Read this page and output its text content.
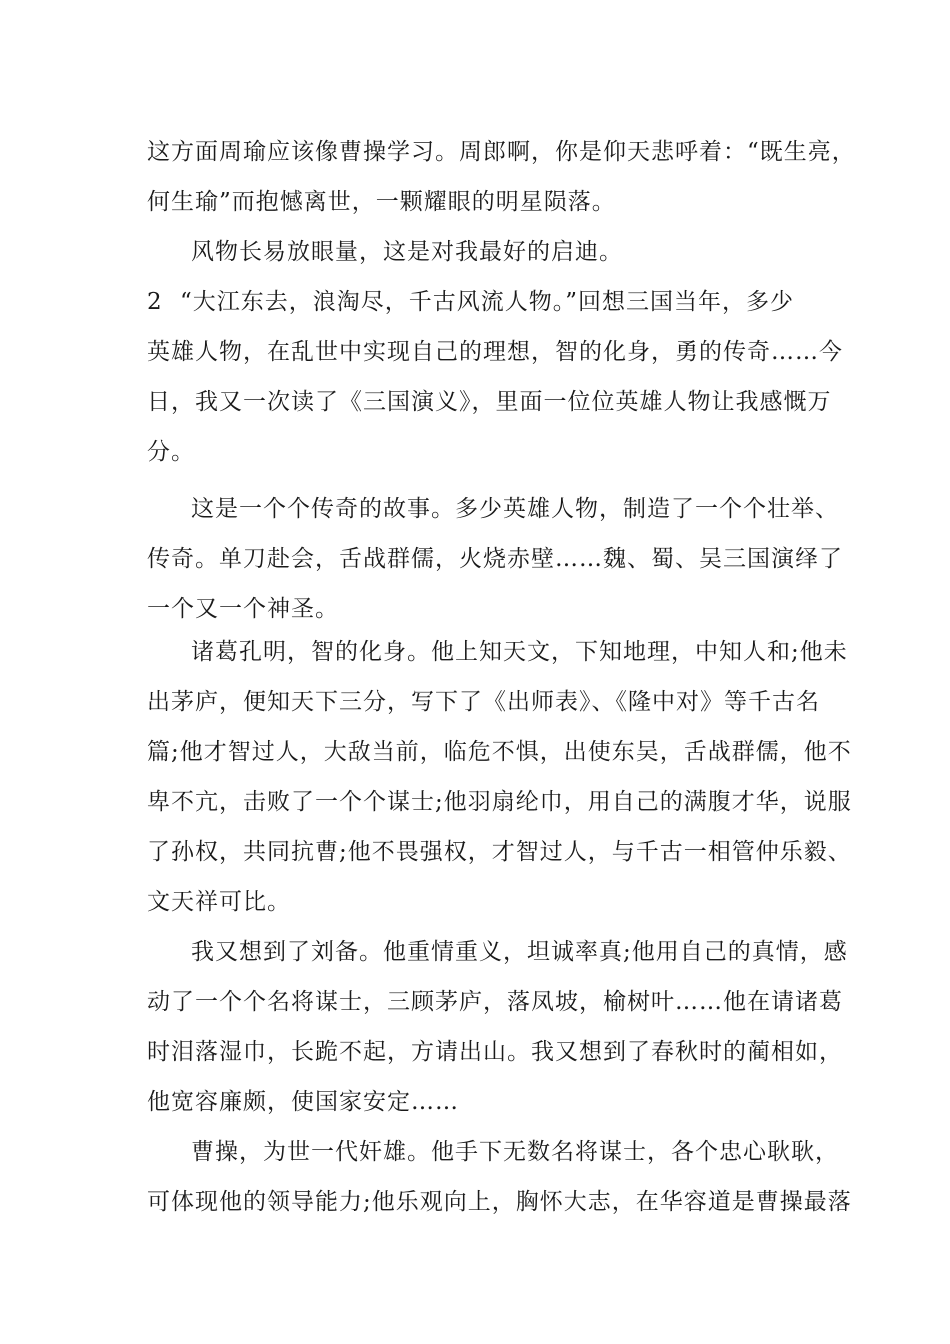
这方面周瑜应该像曹操学习。周郎啊，你是仰天悲呼着：“既生亮，
何生瑜”而抱憾离世，一颗耀眼的明星陨落。
风物长易放眼量，这是对我最好的启迪。
2 “大江东去，浪淘尽，千古风流人物。”回想三国当年，多少
英雄人物，在乱世中实现自己的理想，智的化身，勇的传奇……今
日，我又一次读了《三国演义》，里面一位位英雄人物让我感慨万
分。
这是一个个传奇的故事。多少英雄人物，制造了一个个壮举、
传奇。单刀赴会，舌战群儒，火烧赤壁……魏、蜀、吴三国演绎了
一个又一个神圣。
诸葛孔明，智的化身。他上知天文，下知地理，中知人和;他未
出茅庐，便知天下三分，写下了《出师表》、《隆中对》等千古名
篇;他才智过人，大敌当前，临危不惧，出使东吴，舌战群儒，他不
卑不亢，击败了一个个谋士;他羽扇纶巾，用自己的满腹才华，说服
了孙权，共同抗曹;他不畏强权，才智过人，与千古一相管仲乐毅、
文天祥可比。
我又想到了刘备。他重情重义，坦诚率真;他用自己的真情，感
动了一个个名将谋士，三顾茅庐，落凤坡，榆树叶……他在请诸葛
时泪落湿巾，长跪不起，方请出山。我又想到了春秋时的蔺相如，
他宽容廉颇，使国家安定……
曹操，为世一代奸雄。他手下无数名将谋士，各个忠心耿耿，
可体现他的领导能力;他乐观向上，胸怀大志，在华容道是曹操最落
